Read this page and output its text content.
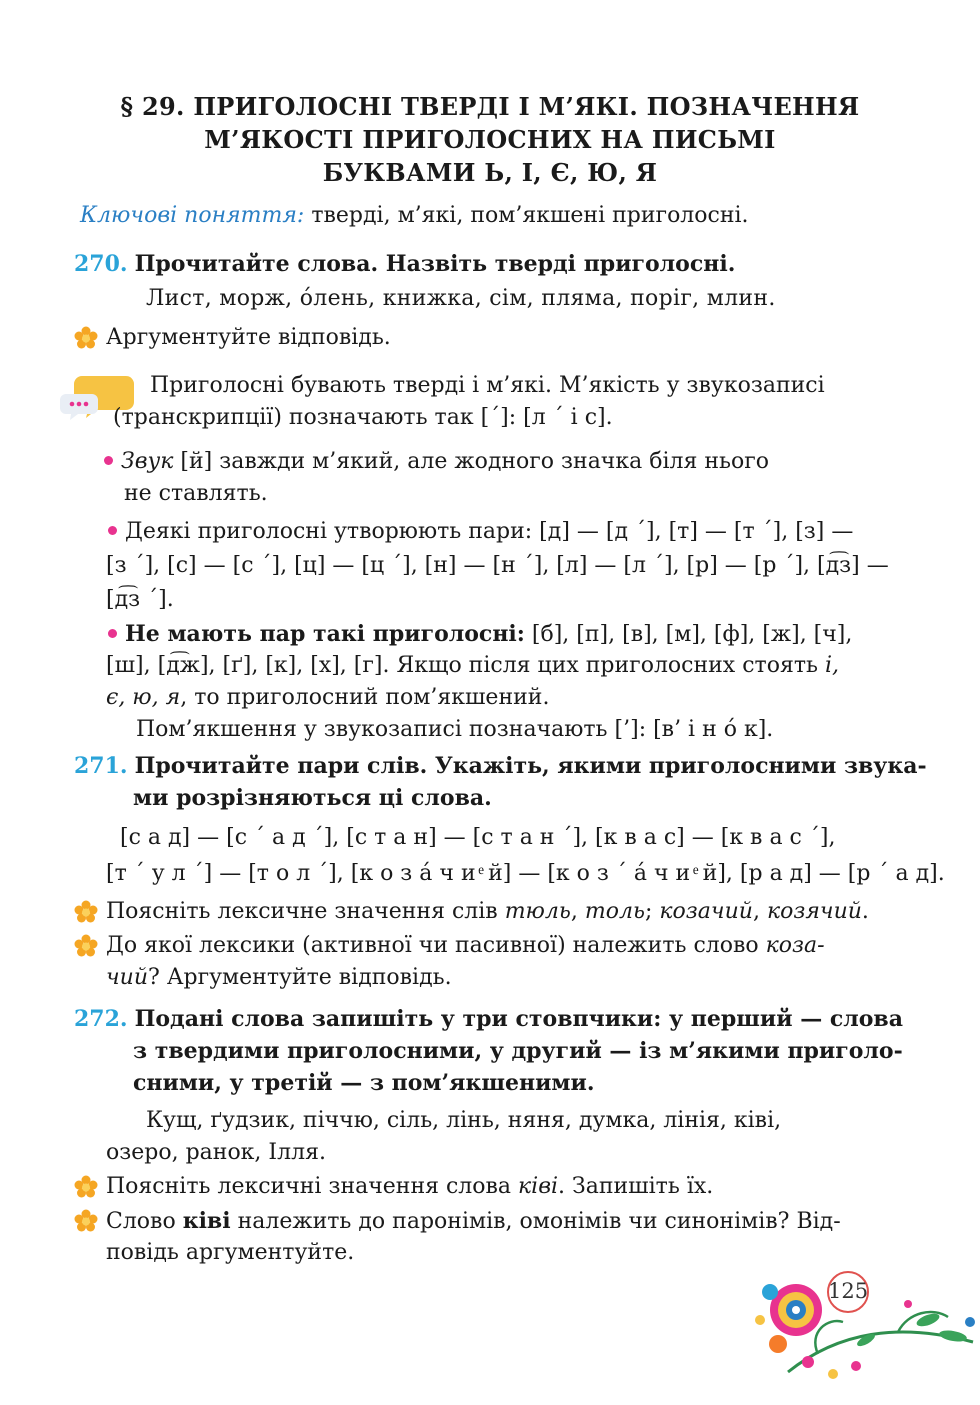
§ 29. ПРИГОЛОСНІ ТВЕРДІ І М’ЯКІ. ПОЗНАЧЕННЯ
М’ЯКОСТІ ПРИГОЛОСНИХ НА ПИСЬМІ
БУКВАМИ Ь, І, Є, Ю, Я
Ключові поняття: тверді, м’які, пом’якшені приголосні.
270. Прочитайте слова. Назвіть тверді приголосні.
Лист, морж, о́лень, книжка, сім, пляма, поріг, млин.
Аргументуйте відповідь.
Приголосні бувають тверді і м’які. М’якість у звукозаписі
(транскрипції) позначають так [ˊ]: [л ˊ і с].
Звук [й] завжди м’який, але жодного значка біля нього
не ставлять.
Деякі приголосні утворюють пари: [д] — [д ˊ], [т] — [т ˊ], [з] —
[з ˊ], [с] — [с ˊ], [ц] — [ц ˊ], [н] — [н ˊ], [л] — [л ˊ], [р] — [р ˊ], [д͡з] —
[д͡з ˊ].
Не мають пар такі приголосні: [б], [п], [в], [м], [ф], [ж], [ч],
[ш], [д͡ж], [ґ], [к], [х], [г]. Якщо після цих приголосних стоять і,
є, ю, я, то приголосний пом’якшений.
Пом’якшення у звукозаписі позначають [’]: [в’ і н о́ к].
271. Прочитайте пари слів. Укажіть, якими приголосними звука-
ми розрізняються ці слова.
[с а д] — [с ˊ а д ˊ], [с т а н] — [с т а н ˊ], [к в а с] — [к в а с ˊ],
[т ˊ у л ˊ] — [т о л ˊ], [к о з а́ ч и ͤ й] — [к о з ˊ а́ ч и ͤ й], [р а д] — [р ˊ а д].
Поясніть лексичне значення слів тюль, толь; козачий, козячий.
До якої лексики (активної чи пасивної) належить слово коза-
чий? Аргументуйте відповідь.
272. Подані слова запишіть у три стовпчики: у перший — слова
з твердими приголосними, у другий — із м’якими приголо-
сними, у третій — з пом’якшеними.
Кущ, ґудзик, піччю, сіль, лінь, няня, думка, лінія, ківі,
озеро, ранок, Ілля.
Поясніть лексичні значення слова ківі. Запишіть їх.
Слово ківі належить до паронімів, омонімів чи синонімів? Від-
повідь аргументуйте.
125
